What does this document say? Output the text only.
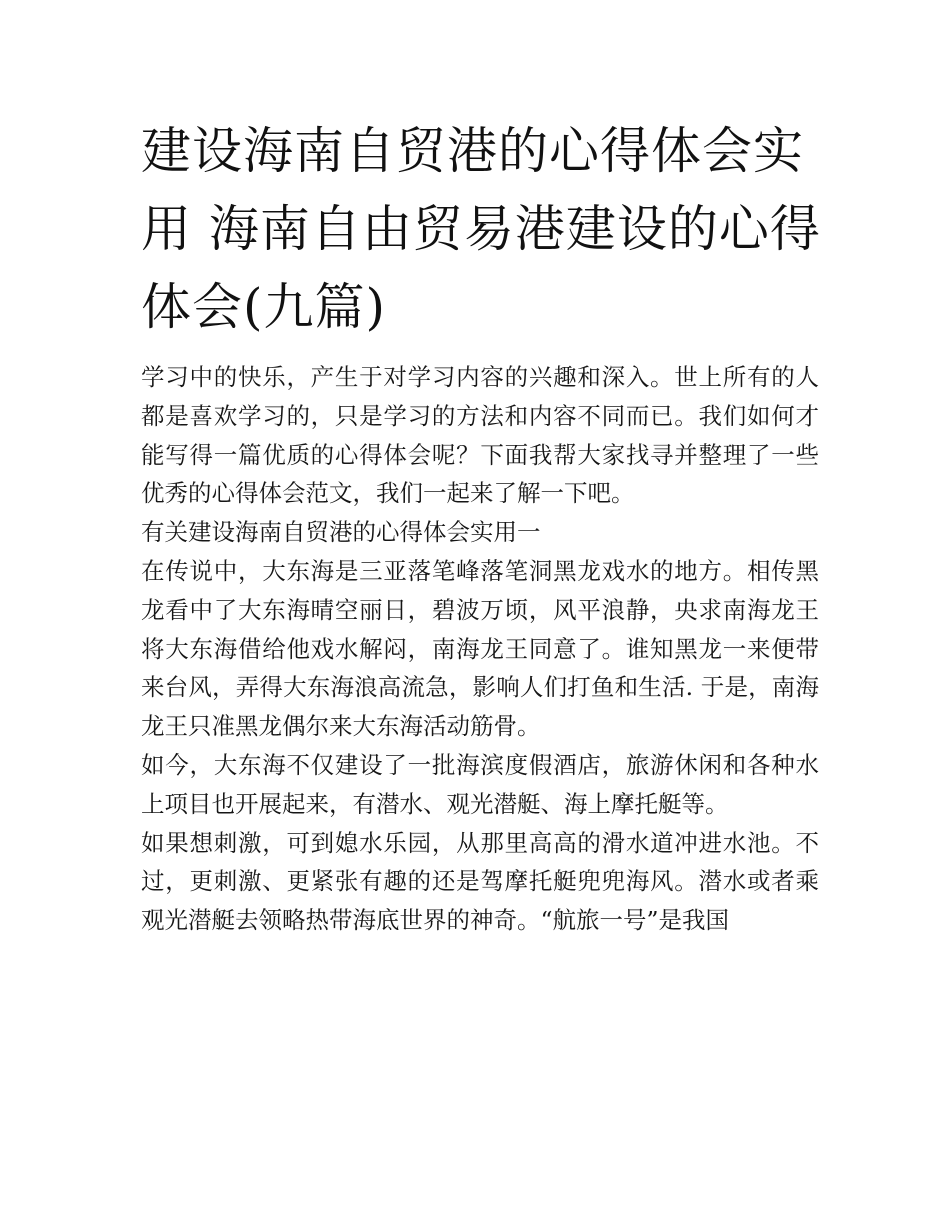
建设海南自贸港的心得体会实用 海南自由贸易港建设的心得体会(九篇)

学习中的快乐，产生于对学习内容的兴趣和深入。世上所有的人都是喜欢学习的，只是学习的方法和内容不同而已。我们如何才能写得一篇优质的心得体会呢？下面我帮大家找寻并整理了一些优秀的心得体会范文，我们一起来了解一下吧。

有关建设海南自贸港的心得体会实用一

在传说中，大东海是三亚落笔峰落笔洞黑龙戏水的地方。相传黑龙看中了大东海晴空丽日，碧波万顷，风平浪静，央求南海龙王将大东海借给他戏水解闷，南海龙王同意了。谁知黑龙一来便带来台风，弄得大东海浪高流急，影响人们打鱼和生活. 于是，南海龙王只准黑龙偶尔来大东海活动筋骨。

如今，大东海不仅建设了一批海滨度假酒店，旅游休闲和各种水上项目也开展起来，有潜水、观光潜艇、海上摩托艇等。

如果想刺激，可到媳水乐园，从那里高高的滑水道冲进水池。不过，更刺激、更紧张有趣的还是驾摩托艇兜兜海风。潜水或者乘观光潜艇去领略热带海底世界的神奇。“航旅一号”是我国
